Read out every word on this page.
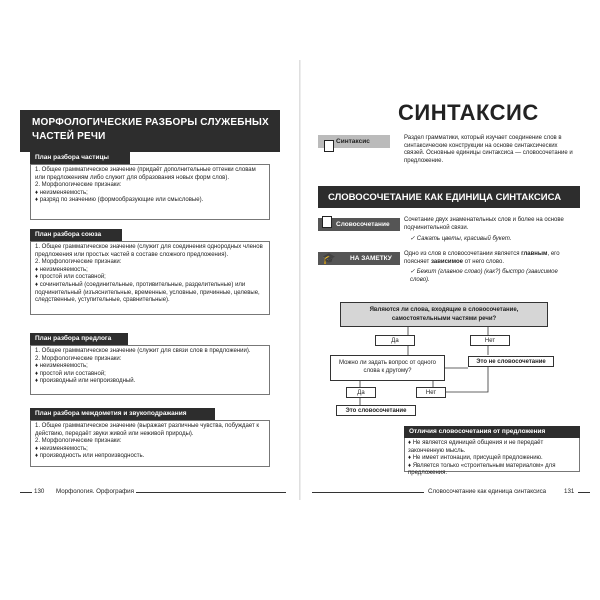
МОРФОЛОГИЧЕСКИЕ РАЗБОРЫ СЛУЖЕБНЫХ ЧАСТЕЙ РЕЧИ
План разбора частицы

1. Общее грамматическое значение (придаёт дополнительные оттенки словам или предложениям либо служит для образования новых форм слов).

2. Морфологические признаки:

♦ неизменяемость;

♦ разряд по значению (формообразующие или смысловые).

План разбора союза

1. Общее грамматическое значение (служит для соединения однородных членов предложения или простых частей в составе сложного предложения).

2. Морфологические признаки:

♦ неизменяемость;

♦ простой или составной;

♦ сочинительный (соединительные, противительные, разделительные) или подчинительный (изъяснительные, временные, условные, причинные, целевые, следственные, уступительные, сравнительные).

План разбора предлога

1. Общее грамматическое значение (служит для связи слов в предложении).

2. Морфологические признаки:

♦ неизменяемость;

♦ простой или составной;

♦ производный или непроизводный.

План разбора междометия и звукоподражания

1. Общее грамматическое значение (выражает различные чувства, побуждает к действию, передаёт звуки живой или неживой природы).

2. Морфологические признаки:

♦ неизменяемость;

♦ производность или непроизводность.

130 Морфология. Орфография
СИНТАКСИС
Синтаксис	Раздел грамматики, который изучает соединение слов в синтаксические конструкции на основе синтаксических связей. Основные единицы синтаксиса — словосочетание и предложение.
СЛОВОСОЧЕТАНИЕ КАК ЕДИНИЦА СИНТАКСИСА
Словосочетание
Сочетание двух знаменательных слов и более на основе подчинительной связи.
✓ Сажать цветы, красивый букет.
НА ЗАМЕТКУ
🎓	Одно из слов в словосочетании является главным, его поясняет зависимое от него слово.
✓ Бежит (главное слово) (как?) быстро (зависимое слово).
Являются ли слова, входящие в словосочетание, самостоятельными частями речи?
Да	Нет
Можно ли задать вопрос от одного слова к другому?
Это не словосочетание
Да	Нет
Это словосочетание
Отличия словосочетания от предложения
♦ Не является единицей общения и не передаёт законченную мысль.
♦ Не имеет интонации, присущей предложению.
♦ Является только «строительным материалом» для предложения.
Словосочетание как единица синтаксиса	131
